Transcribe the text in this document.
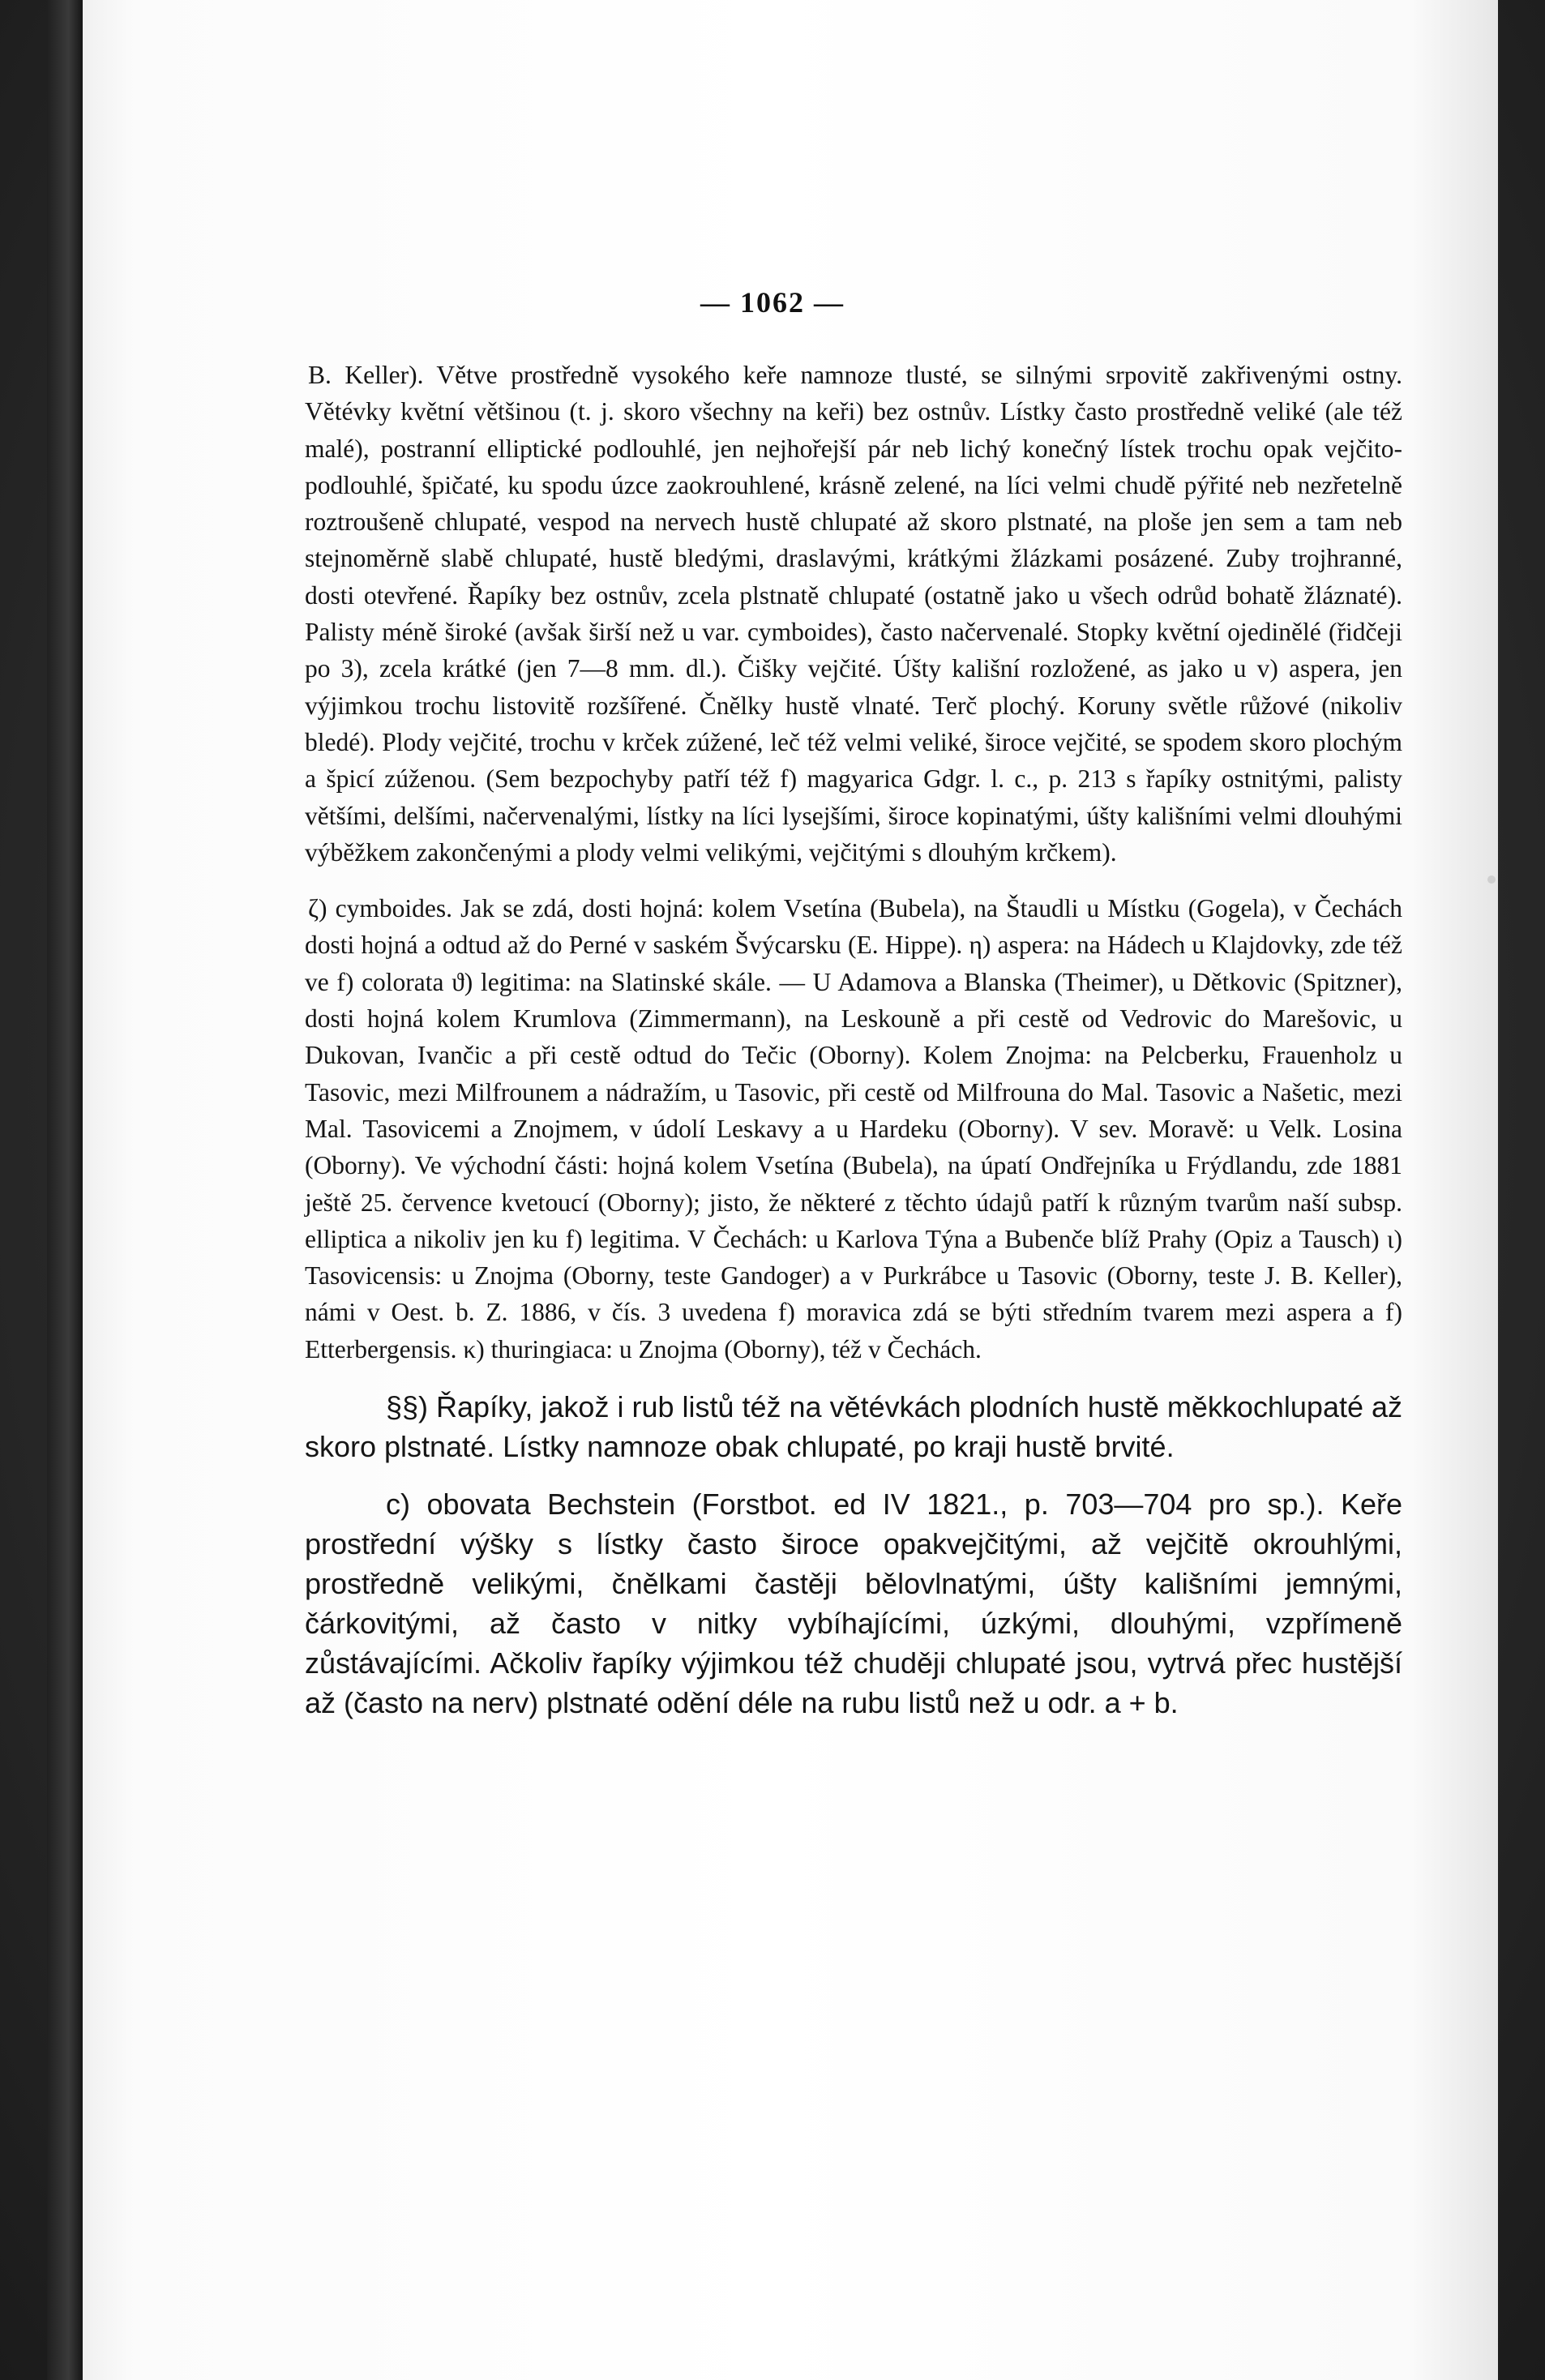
— 1062 —

B. Keller). Větve prostředně vysokého keře namnoze tlusté, se silnými srpovitě zakřivenými ostny. Větévky květní většinou (t. j. skoro všechny na keři) bez ostnův. Lístky často prostředně veliké (ale též malé), postranní elliptické podlouhlé, jen nejhořejší pár neb lichý konečný lístek trochu opak vejčito-podlouhlé, špičaté, ku spodu úzce zaokrouhlené, krásně zelené, na líci velmi chudě pýřité neb nezřetelně roztroušeně chlupaté, vespod na nervech hustě chlupaté až skoro plstnaté, na ploše jen sem a tam neb stejnoměrně slabě chlupaté, hustě bledými, draslavými, krátkými žlázkami posázené. Zuby trojhranné, dosti otevřené. Řapíky bez ostnův, zcela plstnatě chlupaté (ostatně jako u všech odrůd bohatě žláznaté). Palisty méně široké (avšak širší než u var. cymboides), často načervenalé. Stopky květní ojedinělé (řidčeji po 3), zcela krátké (jen 7—8 mm. dl.). Čišky vejčité. Úšty kališní rozložené, as jako u v) aspera, jen výjimkou trochu listovitě rozšířené. Čnělky hustě vlnaté. Terč plochý. Koruny světle růžové (nikoliv bledé). Plody vejčité, trochu v krček zúžené, leč též velmi veliké, široce vejčité, se spodem skoro plochým a špicí zúženou. (Sem bezpochyby patří též f) magyarica Gdgr. l. c., p. 213 s řapíky ostnitými, palisty většími, delšími, načervenalými, lístky na líci lysejšími, široce kopinatými, úšty kališními velmi dlouhými výběžkem zakončenými a plody velmi velikými, vejčitými s dlouhým krčkem).

ζ) cymboides. Jak se zdá, dosti hojná: kolem Vsetína (Bubela), na Štaudli u Místku (Gogela), v Čechách dosti hojná a odtud až do Perné v saském Švýcarsku (E. Hippe). η) aspera: na Hádech u Klajdovky, zde též ve f) colorata ϑ) legitima: na Slatinské skále. — U Adamova a Blanska (Theimer), u Dětkovic (Spitzner), dosti hojná kolem Krumlova (Zimmermann), na Leskouně a při cestě od Vedrovic do Marešovic, u Dukovan, Ivančic a při cestě odtud do Tečic (Oborny). Kolem Znojma: na Pelcberku, Frauenholz u Tasovic, mezi Milfrounem a nádražím, u Tasovic, při cestě od Milfrouna do Mal. Tasovic a Našetic, mezi Mal. Tasovicemi a Znojmem, v údolí Leskavy a u Hardeku (Oborny). V sev. Moravě: u Velk. Losina (Oborny). Ve východní části: hojná kolem Vsetína (Bubela), na úpatí Ondřejníka u Frýdlandu, zde 1881 ještě 25. července kvetoucí (Oborny); jisto, že některé z těchto údajů patří k různým tvarům naší subsp. elliptica a nikoliv jen ku f) legitima. V Čechách: u Karlova Týna a Bubenče blíž Prahy (Opiz a Tausch) ι) Tasovicensis: u Znojma (Oborny, teste Gandoger) a v Purkrábce u Tasovic (Oborny, teste J. B. Keller), námi v Oest. b. Z. 1886, v čís. 3 uvedena f) moravica zdá se býti středním tvarem mezi aspera a f) Etterbergensis. κ) thuringiaca: u Znojma (Oborny), též v Čechách.

§§) Řapíky, jakož i rub listů též na větévkách plodních hustě měkkochlupaté až skoro plstnaté. Lístky namnoze obak chlupaté, po kraji hustě brvité.

c) obovata Bechstein (Forstbot. ed IV 1821., p. 703—704 pro sp.). Keře prostřední výšky s lístky často široce opakvejčitými, až vejčitě okrouhlými, prostředně velikými, čnělkami častěji bělovlnatými, úšty kališními jemnými, čárkovitými, až často v nitky vybíhajícími, úzkými, dlouhými, vzpřímeně zůstávajícími. Ačkoliv řapíky výjimkou též chuději chlupaté jsou, vytrvá přec hustější až (často na nerv) plstnaté odění déle na rubu listů než u odr. a + b.
